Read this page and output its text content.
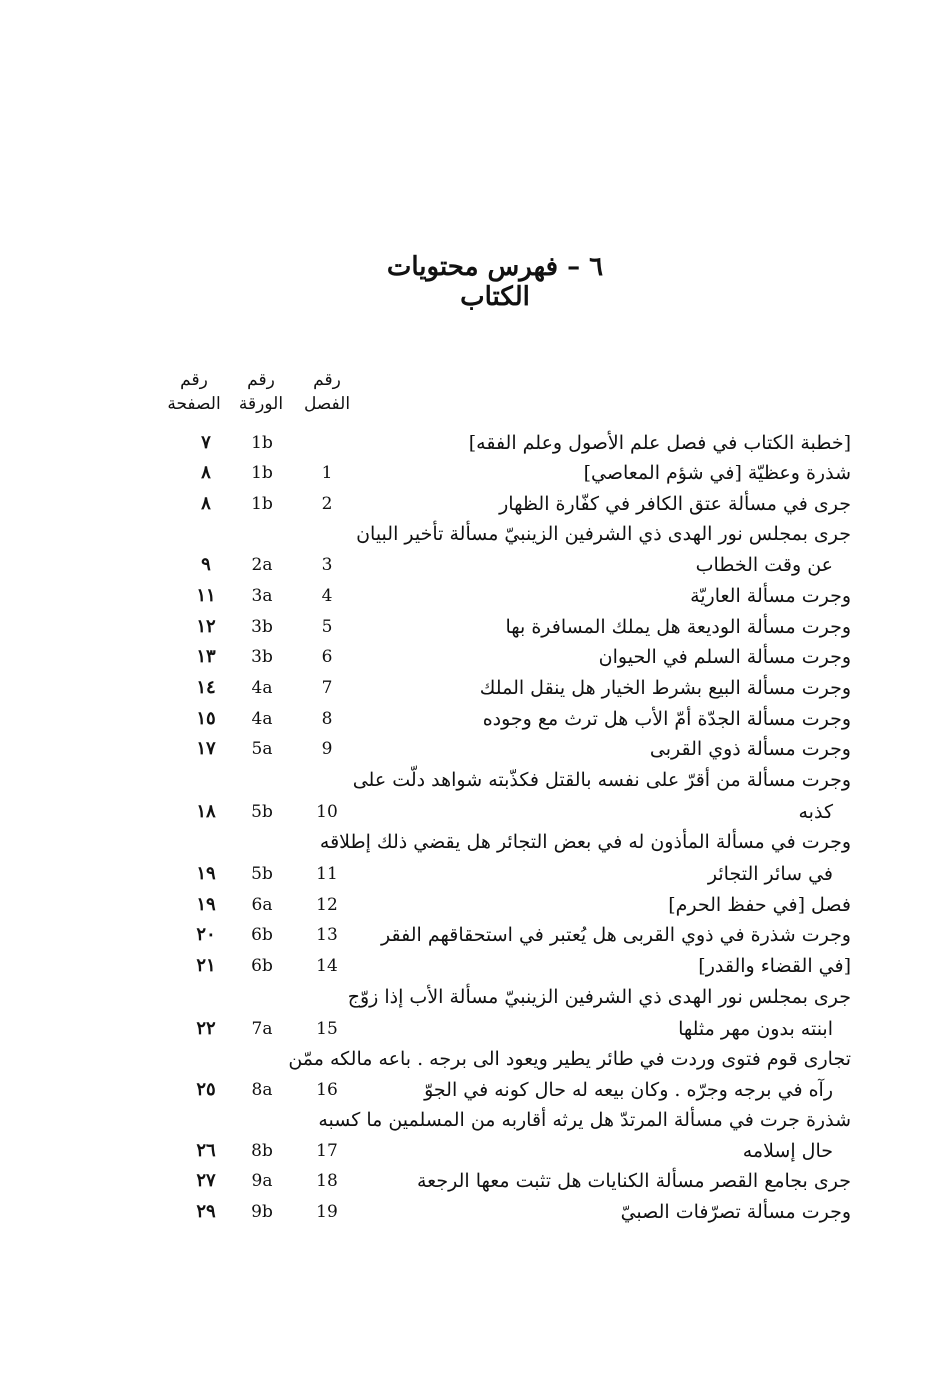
٦ – فهرس محتويات الكتاب
رقم
الفصل
رقم
الورقة
رقم
الصفحة
[خطبة الكتاب في فصل علم الأصول وعلم الفقه]
1b
٧
شذرة وعظيّة [في شؤم المعاصي]
1
1b
٨
جرى في مسألة عتق الكافر في كفّارة الظهار
2
1b
٨
جرى بمجلس نور الهدى ذي الشرفين الزينبيّ مسألة تأخير البيان
عن وقت الخطاب
3
2a
٩
وجرت مسألة العاريّة
4
3a
١١
وجرت مسألة الوديعة هل يملك المسافرة بها
5
3b
١٢
وجرت مسألة السلم في الحيوان
6
3b
١٣
وجرت مسألة البيع بشرط الخيار هل ينقل الملك
7
4a
١٤
وجرت مسألة الجدّة أمّ الأب هل ترث مع وجوده
8
4a
١٥
وجرت مسألة ذوي القربى
9
5a
١٧
وجرت مسألة من أقرّ على نفسه بالقتل فكذّبته شواهد دلّت على
كذبه
10
5b
١٨
وجرت في مسألة المأذون له في بعض التجائر هل يقضي ذلك إطلاقه
في سائر التجائر
11
5b
١٩
فصل [في حفظ الحرم]
12
6a
١٩
وجرت شذرة في ذوي القربى هل يُعتبر في استحقاقهم الفقر
13
6b
٢٠
[في القضاء والقدر]
14
6b
٢١
جرى بمجلس نور الهدى ذي الشرفين الزينبيّ مسألة الأب إذا زوّج
ابنته بدون مهر مثلها
15
7a
٢٢
تجارى قوم فتوى وردت في طائر يطير ويعود الى برجه . باعه مالكه ممّن
رآه في برجه وجرّه . وكان بيعه له حال كونه في الجوّ
16
8a
٢٥
شذرة جرت في مسألة المرتدّ هل يرثه أقاربه من المسلمين ما كسبه
حال إسلامه
17
8b
٢٦
جرى بجامع القصر مسألة الكنايات هل تثبت معها الرجعة
18
9a
٢٧
وجرت مسألة تصرّفات الصبيّ
19
9b
٢٩
